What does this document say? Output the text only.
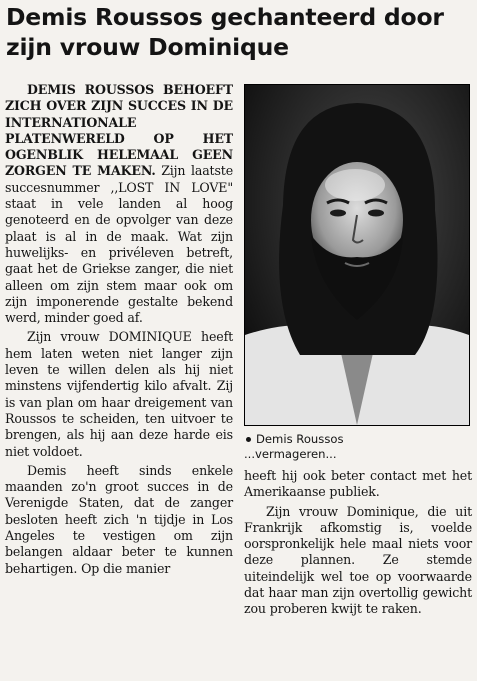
Demis Roussos gechanteerd door
zijn vrouw Dominique

DEMIS ROUSSOS BEHOEFT ZICH OVER ZIJN SUCCES IN DE INTERNATIONALE PLATENWERELD OP HET OGENBLIK HELEMAAL GEEN ZORGEN TE MAKEN. Zijn laatste succesnummer ,,LOST IN LOVE" staat in vele landen al hoog genoteerd en de opvolger van deze plaat is al in de maak. Wat zijn huwelijks- en privéleven betreft, gaat het de Griekse zanger, die niet alleen om zijn stem maar ook om zijn imponerende gestalte bekend werd, minder goed af.

Zijn vrouw DOMINIQUE heeft hem laten weten niet langer zijn leven te willen delen als hij niet minstens vijfendertig kilo afvalt. Zij is van plan om haar dreigement van Roussos te scheiden, ten uitvoer te brengen, als hij aan deze harde eis niet voldoet.

Demis heeft sinds enkele maanden zo'n groot succes in de Verenigde Staten, dat de zanger besloten heeft zich 'n tijdje in Los Angeles te vestigen om zijn belangen aldaar beter te kunnen behartigen. Op die manier

Demis Roussos
...vermageren...

heeft hij ook beter contact met het Amerikaanse publiek.

Zijn vrouw Dominique, die uit Frankrijk afkomstig is, voelde oorspronkelijk hele maal niets voor deze plannen. Ze stemde uiteindelijk wel toe op voorwaarde dat haar man zijn overtollig gewicht zou proberen kwijt te raken.
